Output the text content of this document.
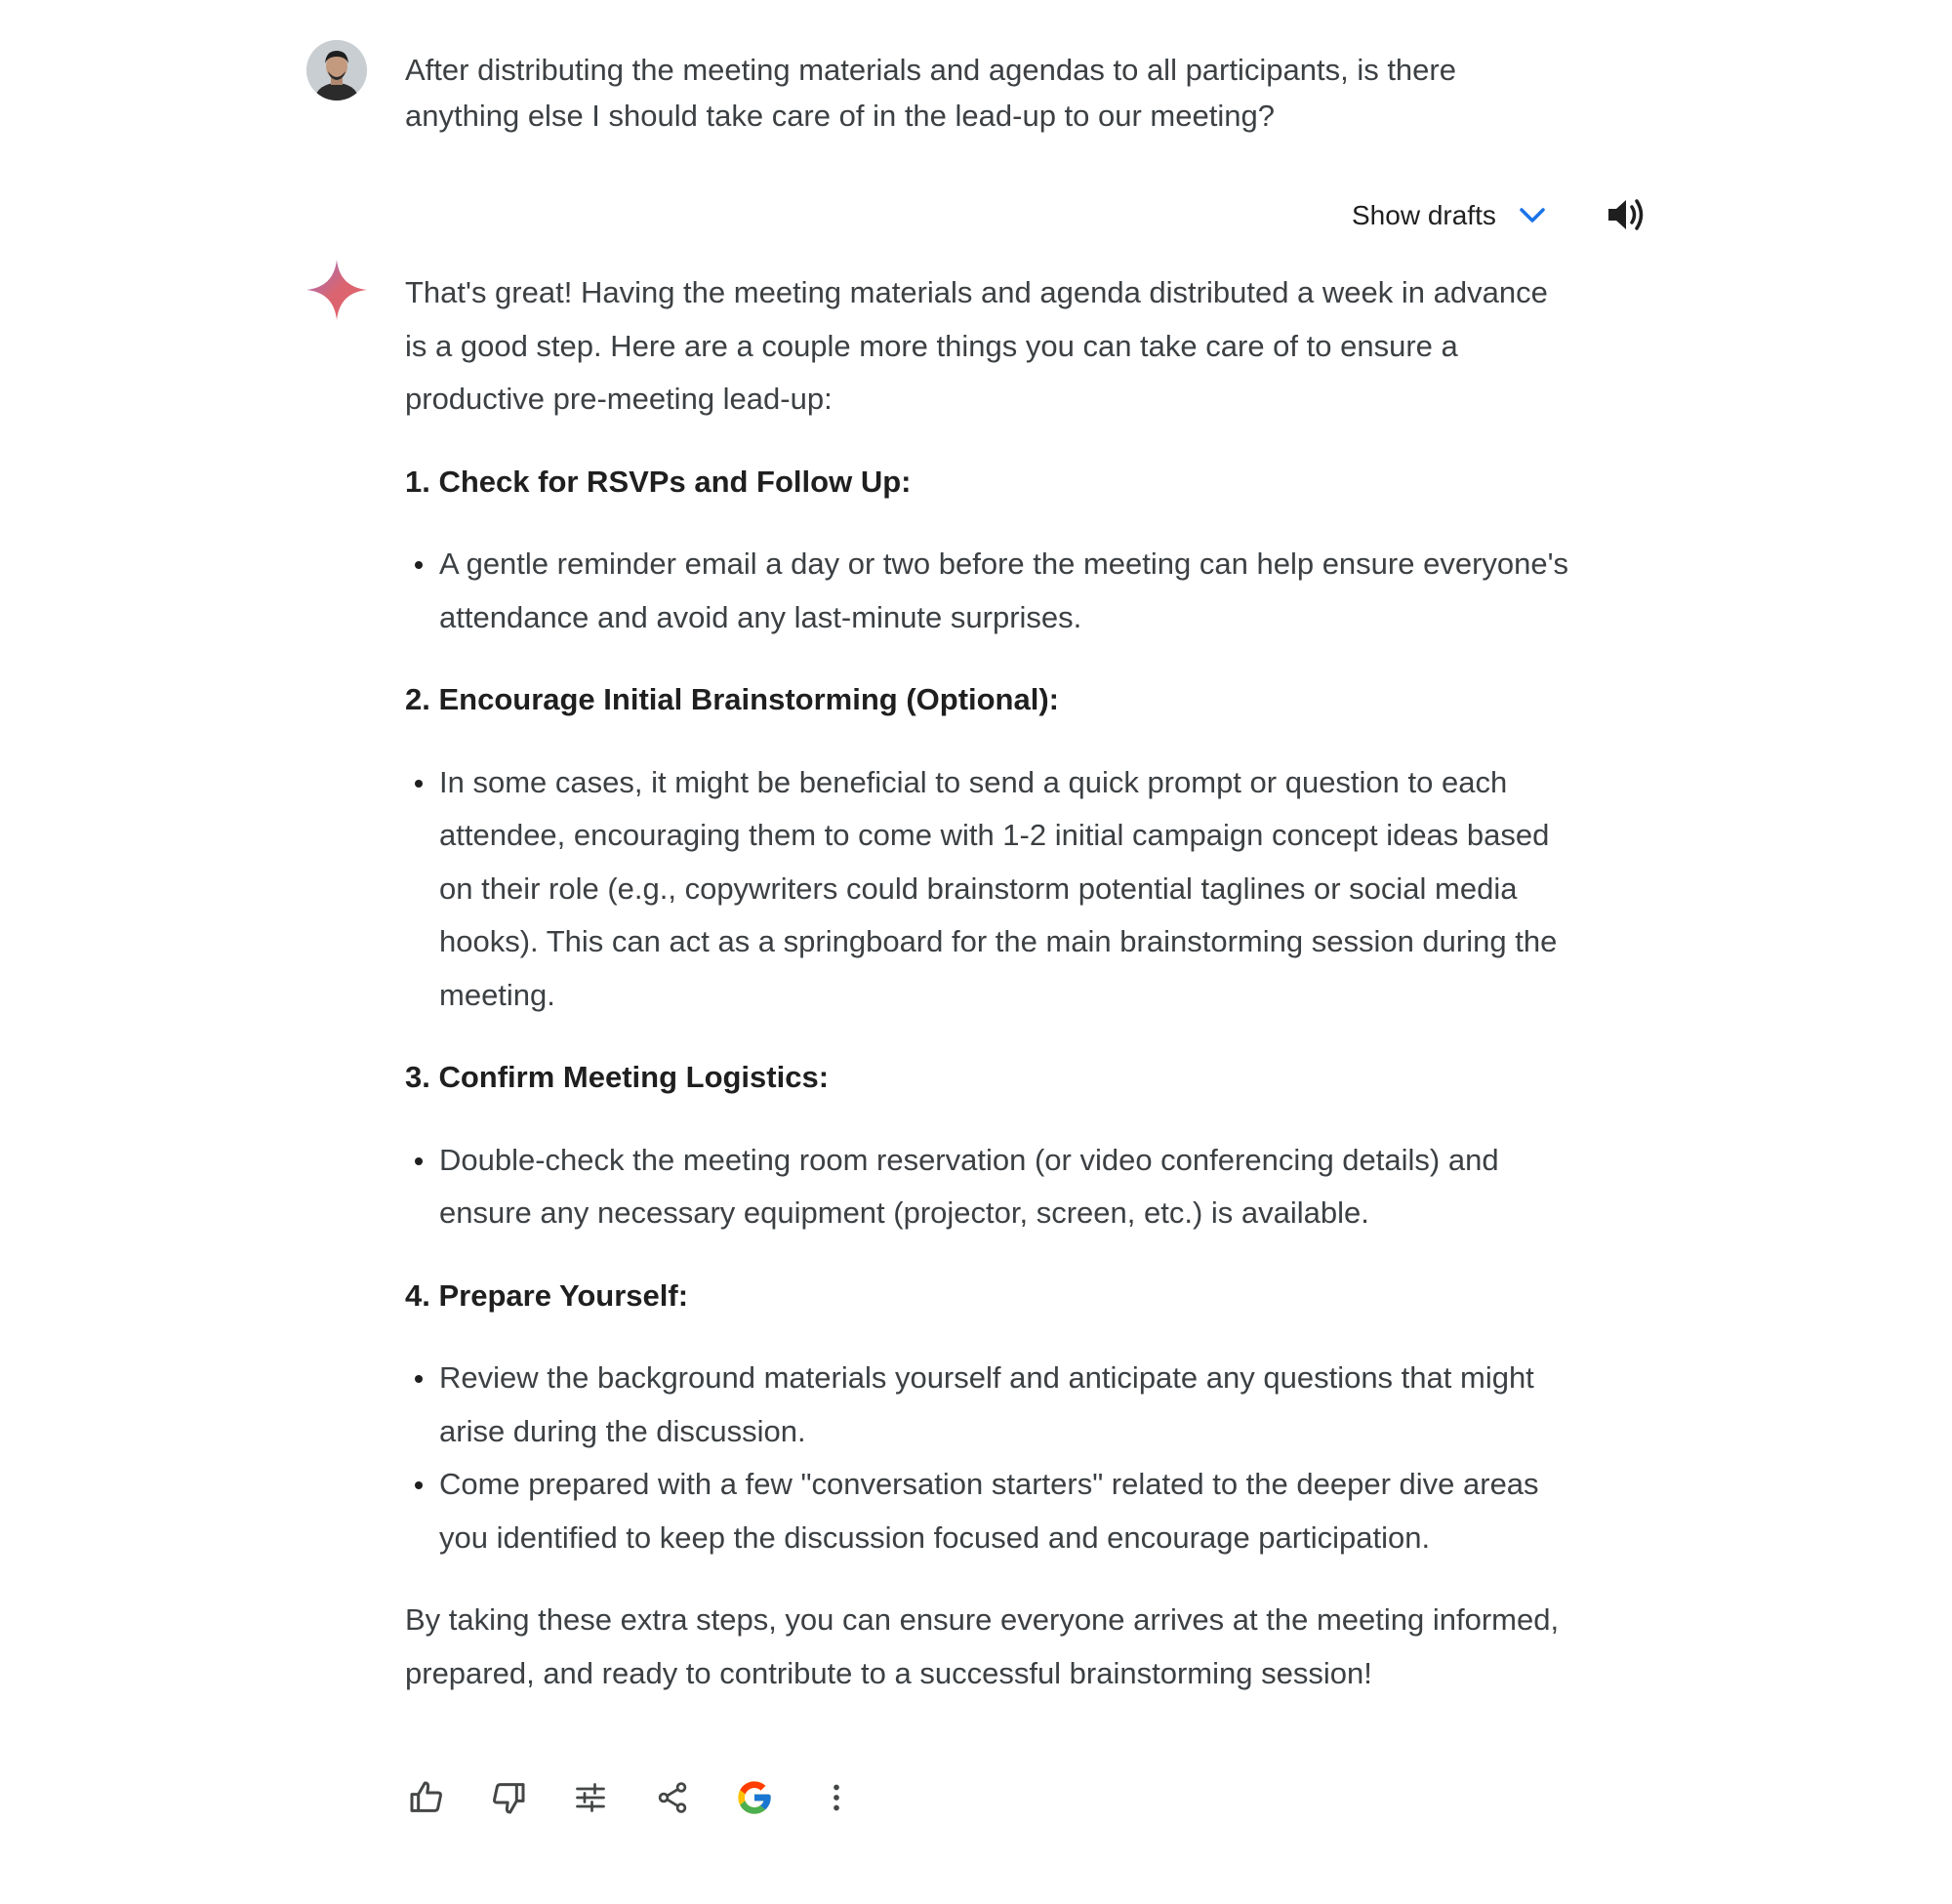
After distributing the meeting materials and agendas to all participants, is there anything else I should take care of in the lead-up to our meeting?
Show drafts

That's great! Having the meeting materials and agenda distributed a week in advance is a good step. Here are a couple more things you can take care of to ensure a productive pre-meeting lead-up:

1. Check for RSVPs and Follow Up:

A gentle reminder email a day or two before the meeting can help ensure everyone's attendance and avoid any last-minute surprises.

2. Encourage Initial Brainstorming (Optional):

In some cases, it might be beneficial to send a quick prompt or question to each attendee, encouraging them to come with 1-2 initial campaign concept ideas based on their role (e.g., copywriters could brainstorm potential taglines or social media hooks). This can act as a springboard for the main brainstorming session during the meeting.

3. Confirm Meeting Logistics:

Double-check the meeting room reservation (or video conferencing details) and ensure any necessary equipment (projector, screen, etc.) is available.

4. Prepare Yourself:

Review the background materials yourself and anticipate any questions that might arise during the discussion.
Come prepared with a few "conversation starters" related to the deeper dive areas you identified to keep the discussion focused and encourage participation.

By taking these extra steps, you can ensure everyone arrives at the meeting informed, prepared, and ready to contribute to a successful brainstorming session!
